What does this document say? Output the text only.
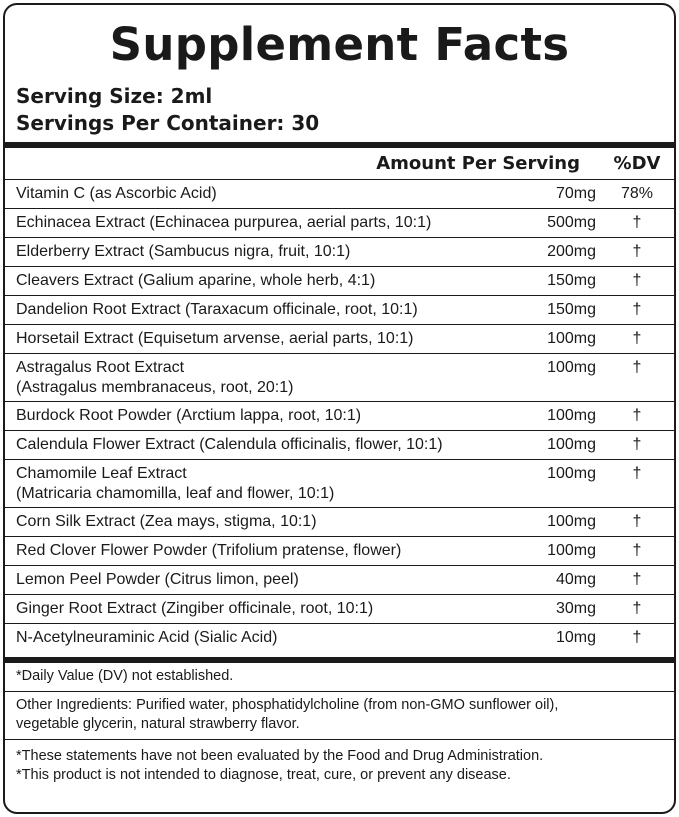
Supplement Facts
Serving Size: 2ml
Servings Per Container: 30
Amount Per Serving	%DV
Vitamin C (as Ascorbic Acid)	70mg	78%
Echinacea Extract (Echinacea purpurea, aerial parts, 10:1)	500mg	†
Elderberry Extract (Sambucus nigra, fruit, 10:1)	200mg	†
Cleavers Extract (Galium aparine, whole herb, 4:1)	150mg	†
Dandelion Root Extract (Taraxacum officinale, root, 10:1)	150mg	†
Horsetail Extract (Equisetum arvense, aerial parts, 10:1)	100mg	†
Astragalus Root Extract
(Astragalus membranaceus, root, 20:1)
100mg	†
Burdock Root Powder (Arctium lappa, root, 10:1)	100mg	†
Calendula Flower Extract (Calendula officinalis, flower, 10:1)	100mg	†
Chamomile Leaf Extract
(Matricaria chamomilla, leaf and flower, 10:1)
100mg	†
Corn Silk Extract (Zea mays, stigma, 10:1)	100mg	†
Red Clover Flower Powder (Trifolium pratense, flower)	100mg	†
Lemon Peel Powder (Citrus limon, peel)	40mg	†
Ginger Root Extract (Zingiber officinale, root, 10:1)	30mg	†
N-Acetylneuraminic Acid (Sialic Acid)	10mg	†
*Daily Value (DV) not established.
Other Ingredients: Purified water, phosphatidylcholine (from non-GMO sunflower oil),
vegetable glycerin, natural strawberry flavor.
*These statements have not been evaluated by the Food and Drug Administration.
*This product is not intended to diagnose, treat, cure, or prevent any disease.
